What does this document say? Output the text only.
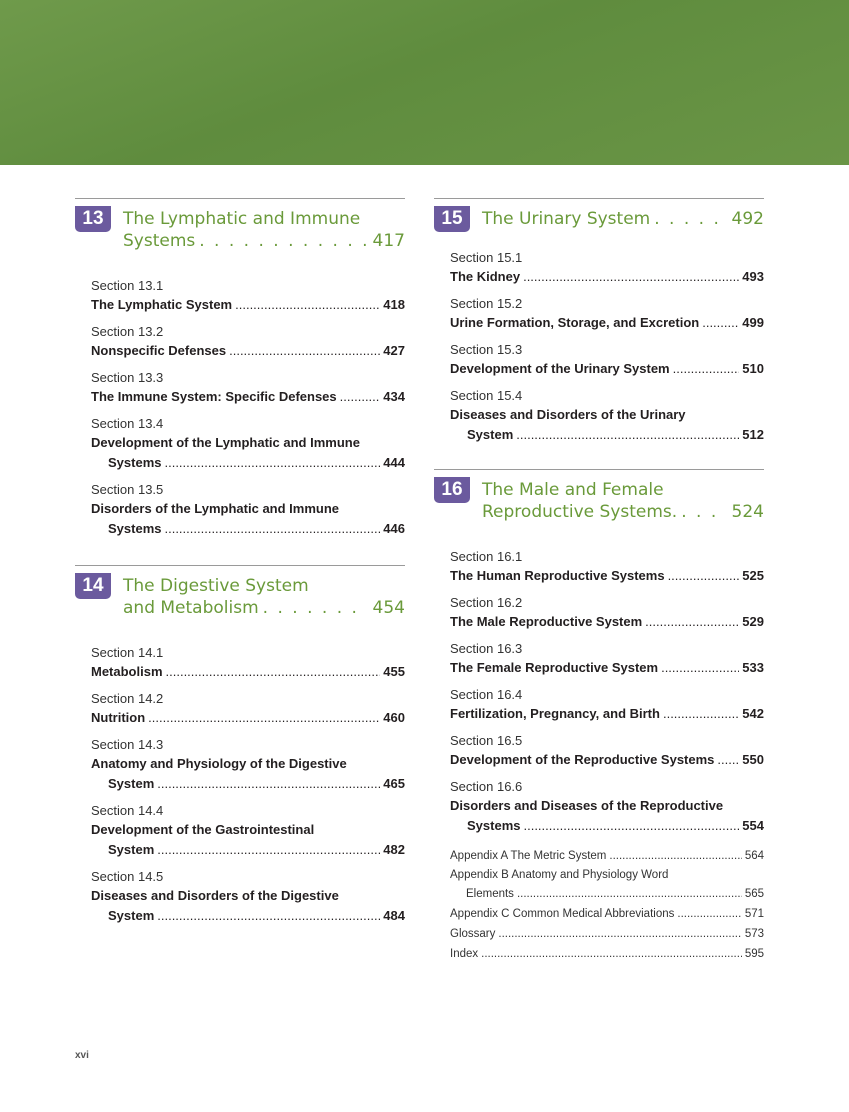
13	The Lymphatic and Immune
Systems . . .	417
Section 13.1
The Lymphatic System .....	418
Section 13.2
Nonspecific Defenses .....	427
Section 13.3
The Immune System: Specific Defenses .....	434
Section 13.4
Development of the Lymphatic and Immune
Systems .....	444
Section 13.5
Disorders of the Lymphatic and Immune
Systems .....	446
14	The Digestive System
and Metabolism . . .	454
Section 14.1
Metabolism .....	455
Section 14.2
Nutrition .....	460
Section 14.3
Anatomy and Physiology of the Digestive
System .....	465
Section 14.4
Development of the Gastrointestinal
System .....	482
Section 14.5
Diseases and Disorders of the Digestive
System .....	484
15	The Urinary System . . .	492
Section 15.1
The Kidney .....	493
Section 15.2
Urine Formation, Storage, and Excretion .....	499
Section 15.3
Development of the Urinary System .....	510
Section 15.4
Diseases and Disorders of the Urinary
System .....	512
16	The Male and Female
Reproductive Systems. . . .	524
Section 16.1
The Human Reproductive Systems .....	525
Section 16.2
The Male Reproductive System .....	529
Section 16.3
The Female Reproductive System .....	533
Section 16.4
Fertilization, Pregnancy, and Birth .....	542
Section 16.5
Development of the Reproductive Systems ..... 550
Section 16.6
Disorders and Diseases of the Reproductive
Systems .....	554
Appendix A The Metric System .....	564
Appendix B Anatomy and Physiology Word
Elements .....	565
Appendix C Common Medical Abbreviations .....	571
Glossary .....	573
Index .....	595
xvi
